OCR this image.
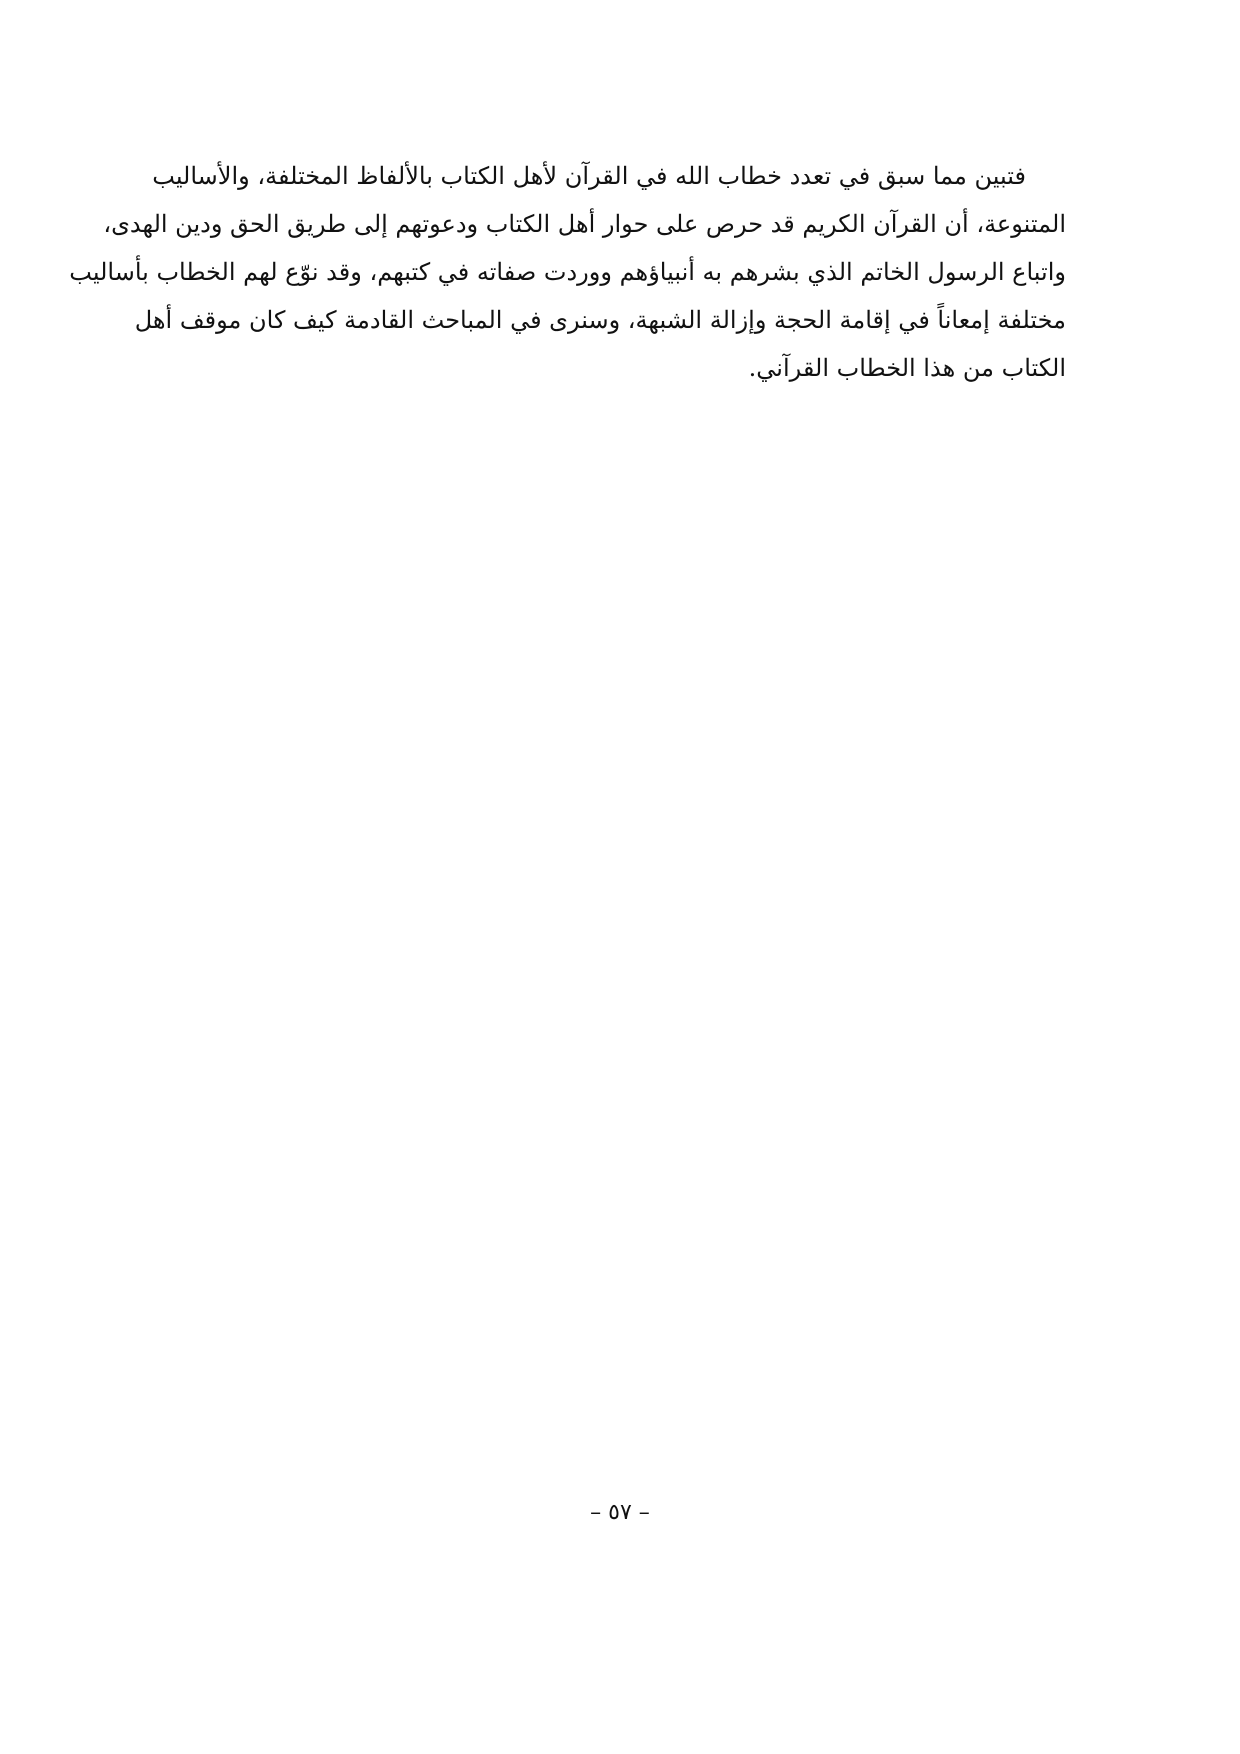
فتبين مما سبق في تعدد خطاب الله في القرآن لأهل الكتاب بالألفاظ المختلفة، والأساليب
المتنوعة، أن القرآن الكريم قد حرص على حوار أهل الكتاب ودعوتهم إلى طريق الحق ودين الهدى،
واتباع الرسول الخاتم الذي بشرهم به أنبياؤهم ووردت صفاته في كتبهم، وقد نوّع لهم الخطاب بأساليب
مختلفة إمعاناً في إقامة الحجة وإزالة الشبهة، وسنرى في المباحث القادمة كيف كان موقف أهل
الكتاب من هذا الخطاب القرآني.

– ٥٧ –
